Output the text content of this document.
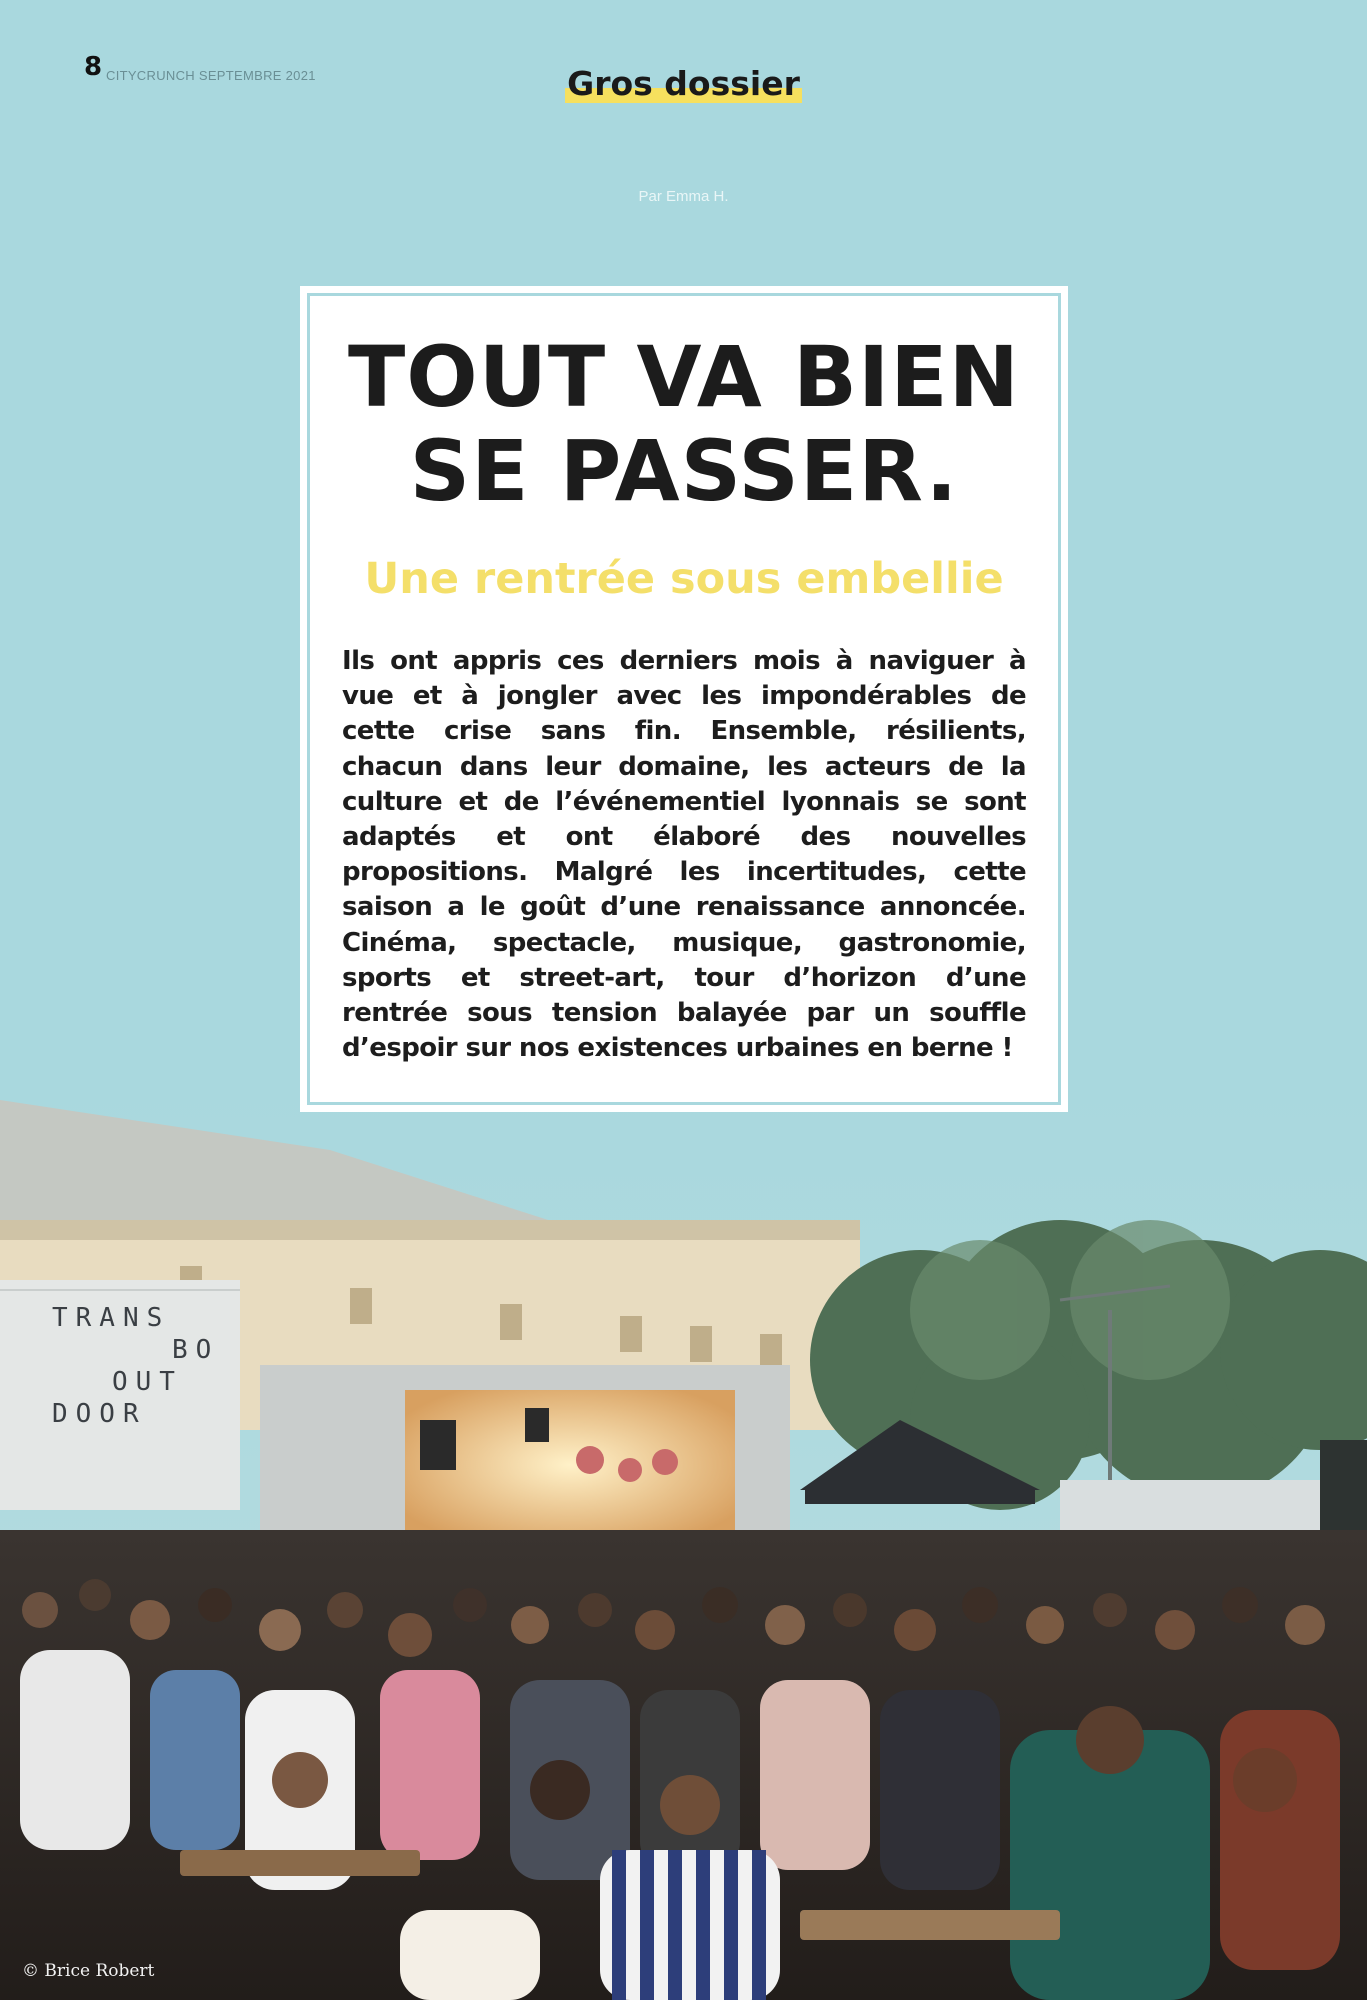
8 CITYCRUNCH SEPTEMBRE 2021	Gros dossier
Par Emma H.
TRANS
BO
OUT
DOOR
© Brice Robert
TOUT VA BIEN
SE PASSER.
Une rentrée sous embellie

Ils ont appris ces derniers mois à naviguer à vue et à jongler avec les impondérables de cette crise sans fin. Ensemble, résilients, chacun dans leur domaine, les acteurs de la culture et de l’événementiel lyonnais se sont adaptés et ont élaboré des nouvelles propositions. Malgré les incertitudes, cette saison a le goût d’une renaissance annoncée. Cinéma, spectacle, musique, gastronomie, sports et street-art, tour d’horizon d’une rentrée sous tension balayée par un souffle d’espoir sur nos existences urbaines en berne !
